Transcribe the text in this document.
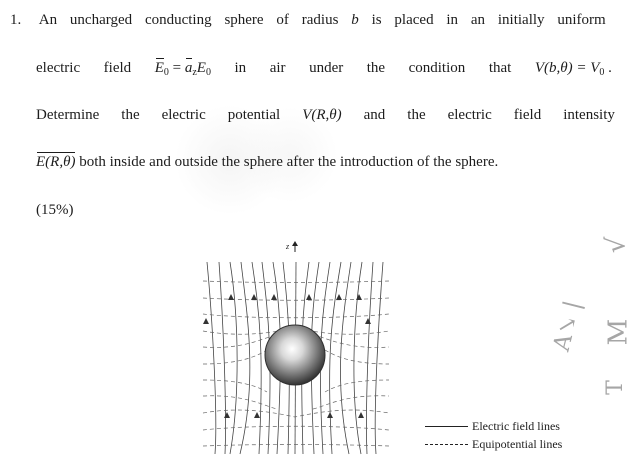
1. An uncharged conducting sphere of radius b is placed in an initially uniform
electric field $E_0 = a_zE_0$ in air under the condition that $V(b,\theta) = V_0$ .
Determine the electric potential V(R,θ) and the electric field intensity
E(R,θ) both inside and outside the sphere after the introduction of the sphere.
(15%)
z
Electric field lines
Equipotential lines
A↘ |
√
M
T
